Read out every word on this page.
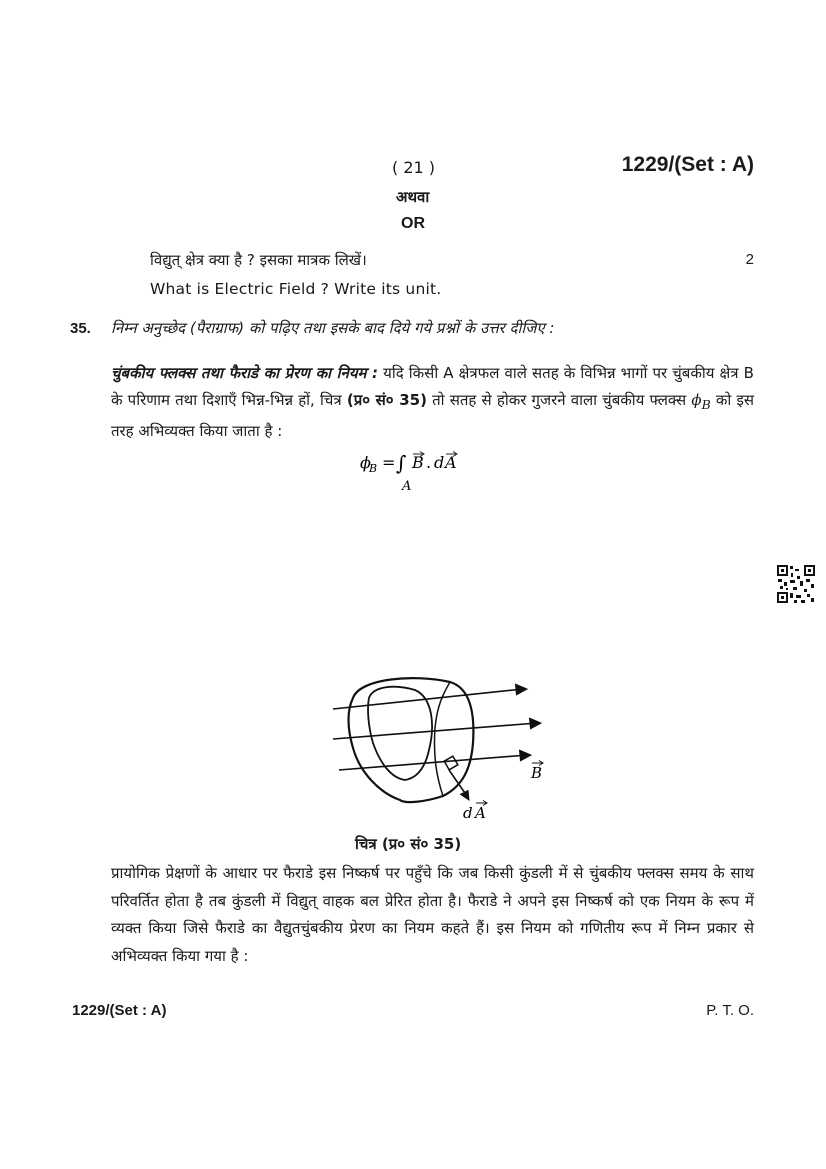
( 21 )	1229/(Set : A)
अथवा
OR
विद्युत् क्षेत्र क्या है ? इसका मात्रक लिखें।	2
What is Electric Field ? Write its unit.
35. निम्न अनुच्छेद (पैराग्राफ) को पढ़िए तथा इसके बाद दिये गये प्रश्नों के उत्तर दीजिए :
चुंबकीय फ्लक्स तथा फैराडे का प्रेरण का नियम : यदि किसी A क्षेत्रफल वाले सतह के विभिन्न भागों पर चुंबकीय क्षेत्र B के परिणाम तथा दिशाएँ भिन्न-भिन्न हों, चित्र (प्र० सं० 35) तो सतह से होकर गुजरने वाला चुंबकीय फ्लक्स $\phi_B$ को इस तरह अभिव्यक्त किया जाता है :
ϕ
B = ∫
A
B . d A
B
d A
चित्र (प्र० सं० 35)
प्रायोगिक प्रेक्षणों के आधार पर फैराडे इस निष्कर्ष पर पहुँचे कि जब किसी कुंडली में से चुंबकीय फ्लक्स समय के साथ परिवर्तित होता है तब कुंडली में विद्युत् वाहक बल प्रेरित होता है। फैराडे ने अपने इस निष्कर्ष को एक नियम के रूप में व्यक्त किया जिसे फैराडे का वैद्युतचुंबकीय प्रेरण का नियम कहते हैं। इस नियम को गणितीय रूप में निम्न प्रकार से अभिव्यक्त किया गया है :
1229/(Set : A)	P. T. O.
